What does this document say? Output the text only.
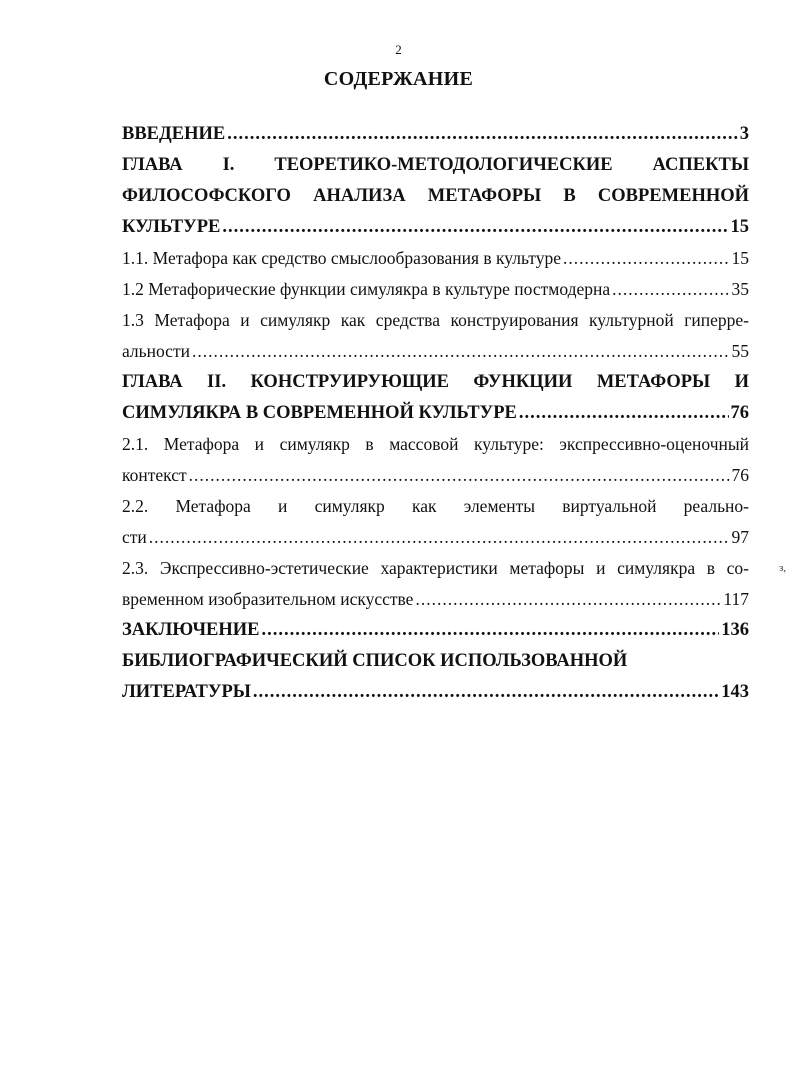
2
СОДЕРЖАНИЕ
ВВЕДЕНИЕ .....	3
ГЛАВА I. ТЕОРЕТИКО-МЕТОДОЛОГИЧЕСКИЕ АСПЕКТЫ
ФИЛОСОФСКОГО АНАЛИЗА МЕТАФОРЫ В СОВРЕМЕННОЙ
КУЛЬТУРЕ .....	15
1.1. Метафора как средство смыслообразования в культуре .....	15
1.2 Метафорические функции симулякра в культуре постмодерна .....	35
1.3 Метафора и симулякр как средства конструирования культурной гиперре-
альности .....	55
ГЛАВА II. КОНСТРУИРУЮЩИЕ ФУНКЦИИ МЕТАФОРЫ И
СИМУЛЯКРА В СОВРЕМЕННОЙ КУЛЬТУРЕ .....	76
2.1. Метафора и симулякр в массовой культуре: экспрессивно-оценочный
контекст .....	76
2.2. Метафора и симулякр как элементы виртуальной реально-
сти .....	97
2.3. Экспрессивно-эстетические характеристики метафоры и симулякра в со-
временном изобразительном искусстве .....	117
ЗАКЛЮЧЕНИЕ .....	136
БИБЛИОГРАФИЧЕСКИЙ СПИСОК ИСПОЛЬЗОВАННОЙ
ЛИТЕРАТУРЫ .....	143
з,
